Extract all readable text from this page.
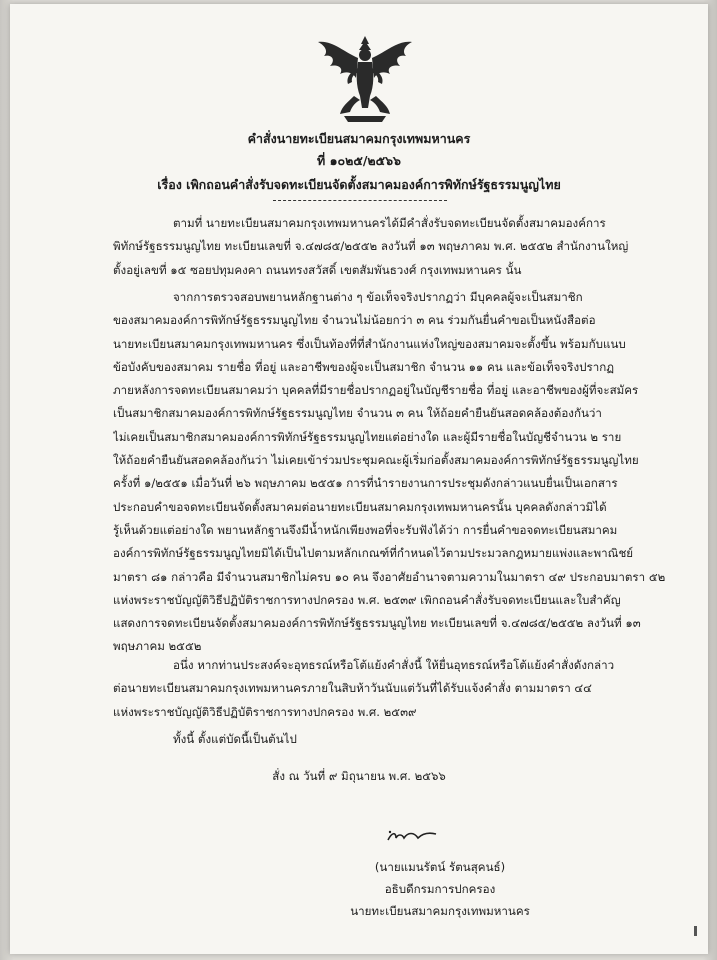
คำสั่งนายทะเบียนสมาคมกรุงเทพมหานคร
ที่ ๑๐๒๕/๒๕๖๖
เรื่อง เพิกถอนคำสั่งรับจดทะเบียนจัดตั้งสมาคมองค์การพิทักษ์รัฐธรรมนูญไทย
ตามที่ นายทะเบียนสมาคมกรุงเทพมหานครได้มีคำสั่งรับจดทะเบียนจัดตั้งสมาคมองค์การ
พิทักษ์รัฐธรรมนูญไทย ทะเบียนเลขที่ จ.๔๗๘๕/๒๕๕๒ ลงวันที่ ๑๓ พฤษภาคม พ.ศ. ๒๕๕๒ สำนักงานใหญ่
ตั้งอยู่เลขที่ ๑๕ ซอยปทุมคงคา ถนนทรงสวัสดิ์ เขตสัมพันธวงศ์ กรุงเทพมหานคร นั้น
จากการตรวจสอบพยานหลักฐานต่าง ๆ ข้อเท็จจริงปรากฏว่า มีบุคคลผู้จะเป็นสมาชิก
ของสมาคมองค์การพิทักษ์รัฐธรรมนูญไทย จำนวนไม่น้อยกว่า ๓ คน ร่วมกันยื่นคำขอเป็นหนังสือต่อ
นายทะเบียนสมาคมกรุงเทพมหานคร ซึ่งเป็นท้องที่ที่สำนักงานแห่งใหญ่ของสมาคมจะตั้งขึ้น พร้อมกับแนบ
ข้อบังคับของสมาคม รายชื่อ ที่อยู่ และอาชีพของผู้จะเป็นสมาชิก จำนวน ๑๑ คน และข้อเท็จจริงปรากฏ
ภายหลังการจดทะเบียนสมาคมว่า บุคคลที่มีรายชื่อปรากฏอยู่ในบัญชีรายชื่อ ที่อยู่ และอาชีพของผู้ที่จะสมัคร
เป็นสมาชิกสมาคมองค์การพิทักษ์รัฐธรรมนูญไทย จำนวน ๓ คน ให้ถ้อยคำยืนยันสอดคล้องต้องกันว่า
ไม่เคยเป็นสมาชิกสมาคมองค์การพิทักษ์รัฐธรรมนูญไทยแต่อย่างใด และผู้มีรายชื่อในบัญชีจำนวน ๒ ราย
ให้ถ้อยคำยืนยันสอดคล้องกันว่า ไม่เคยเข้าร่วมประชุมคณะผู้เริ่มก่อตั้งสมาคมองค์การพิทักษ์รัฐธรรมนูญไทย
ครั้งที่ ๑/๒๕๕๑ เมื่อวันที่ ๒๖ พฤษภาคม ๒๕๕๑ การที่นำรายงานการประชุมดังกล่าวแนบยื่นเป็นเอกสาร
ประกอบคำขอจดทะเบียนจัดตั้งสมาคมต่อนายทะเบียนสมาคมกรุงเทพมหานครนั้น บุคคลดังกล่าวมิได้
รู้เห็นด้วยแต่อย่างใด พยานหลักฐานจึงมีน้ำหนักเพียงพอที่จะรับฟังได้ว่า การยื่นคำขอจดทะเบียนสมาคม
องค์การพิทักษ์รัฐธรรมนูญไทยมิได้เป็นไปตามหลักเกณฑ์ที่กำหนดไว้ตามประมวลกฎหมายแพ่งและพาณิชย์
มาตรา ๘๑ กล่าวคือ มีจำนวนสมาชิกไม่ครบ ๑๐ คน จึงอาศัยอำนาจตามความในมาตรา ๔๙ ประกอบมาตรา ๕๒
แห่งพระราชบัญญัติวิธีปฏิบัติราชการทางปกครอง พ.ศ. ๒๕๓๙ เพิกถอนคำสั่งรับจดทะเบียนและใบสำคัญ
แสดงการจดทะเบียนจัดตั้งสมาคมองค์การพิทักษ์รัฐธรรมนูญไทย ทะเบียนเลขที่ จ.๔๗๘๕/๒๕๕๒ ลงวันที่ ๑๓
พฤษภาคม ๒๕๕๒
อนึ่ง หากท่านประสงค์จะอุทธรณ์หรือโต้แย้งคำสั่งนี้ ให้ยื่นอุทธรณ์หรือโต้แย้งคำสั่งดังกล่าว
ต่อนายทะเบียนสมาคมกรุงเทพมหานครภายในสิบห้าวันนับแต่วันที่ได้รับแจ้งคำสั่ง ตามมาตรา ๔๔
แห่งพระราชบัญญัติวิธีปฏิบัติราชการทางปกครอง พ.ศ. ๒๕๓๙
ทั้งนี้ ตั้งแต่บัดนี้เป็นต้นไป
สั่ง ณ วันที่ ๙ มิถุนายน พ.ศ. ๒๕๖๖
(นายแมนรัตน์ รัตนสุคนธ์)
อธิบดีกรมการปกครอง
นายทะเบียนสมาคมกรุงเทพมหานคร
